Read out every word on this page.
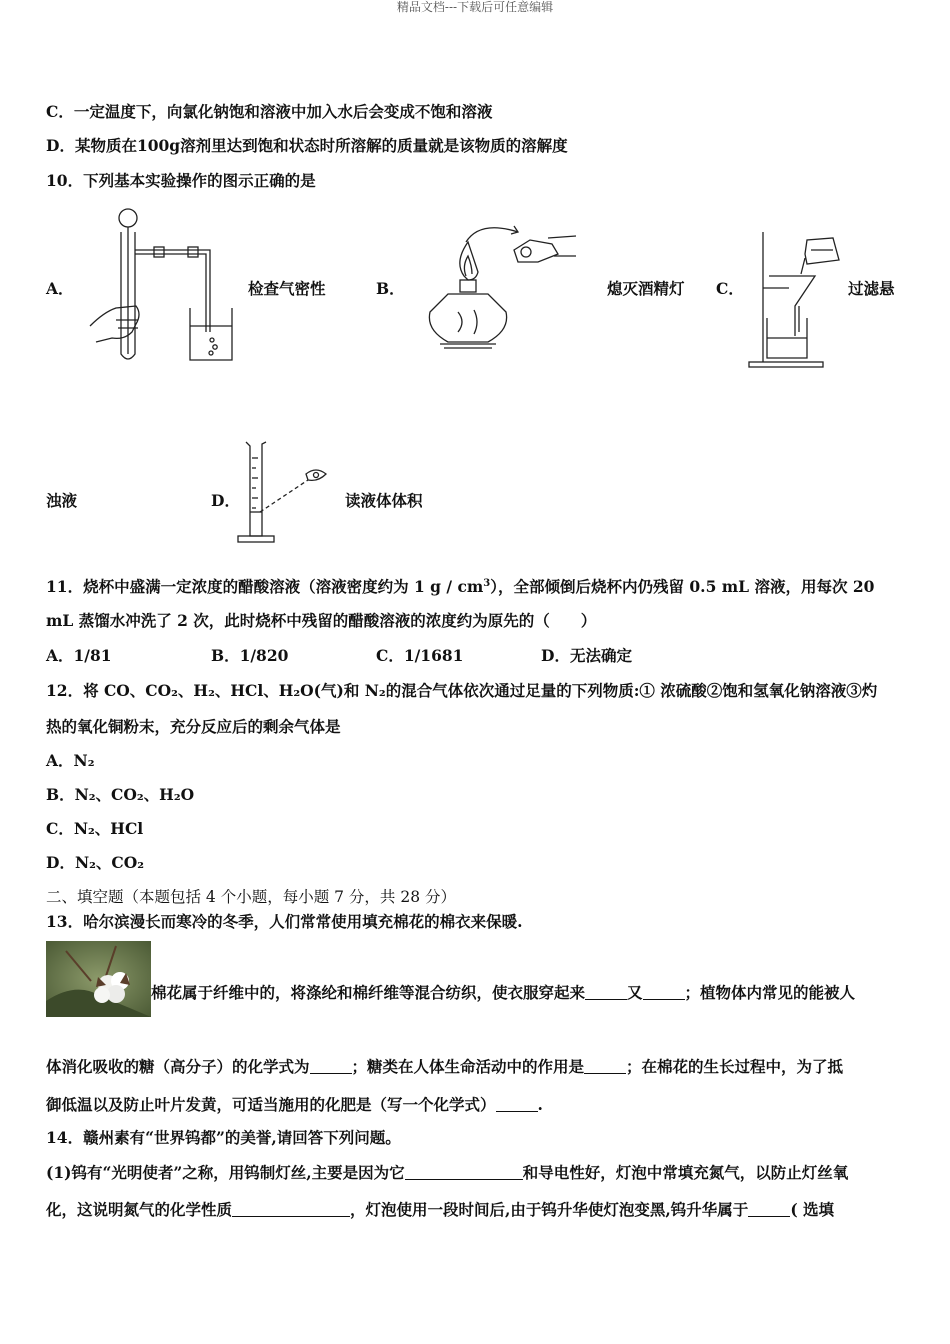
精品文档---下载后可任意编辑
C．一定温度下，向氯化钠饱和溶液中加入水后会变成不饱和溶液
D．某物质在100g溶剂里达到饱和状态时所溶解的质量就是该物质的溶解度
10．下列基本实验操作的图示正确的是
A．	检查气密性	B．	熄灭酒精灯 C．	过滤悬
浊液	D．	读液体体积
11．烧杯中盛满一定浓度的醋酸溶液（溶液密度约为 1 g / $cm^3$），全部倾倒后烧杯内仍残留 0.5 mL 溶液，用每次 20
mL 蒸馏水冲洗了 2 次，此时烧杯中残留的醋酸溶液的浓度约为原先的（　　）
A．1/81	B．1/820	C．1/1681	D．无法确定
12．将 CO、CO₂、H₂、HCl、H₂O(气)和 N₂的混合气体依次通过足量的下列物质:① 浓硫酸②饱和氢氧化钠溶液③灼
热的氧化铜粉末，充分反应后的剩余气体是
A．N₂
B．N₂、CO₂、H₂O
C．N₂、HCl
D．N₂、CO₂
二、填空题（本题包括 4 个小题，每小题 7 分，共 28 分）
13．哈尔滨漫长而寒冷的冬季，人们常常使用填充棉花的棉衣来保暖.
棉花属于纤维中的，将涤纶和棉纤维等混合纺织，使衣服穿起来	又	；植物体内常见的能被人
体消化吸收的糖（高分子）的化学式为	；糖类在人体生命活动中的作用是	；在棉花的生长过程中，为了抵
御低温以及防止叶片发黄，可适当施用的化肥是（写一个化学式）	.
14．赣州素有“世界钨都”的美誉,请回答下列问题。
(1)钨有“光明使者”之称，用钨制灯丝,主要是因为它	和导电性好，灯泡中常填充氮气，以防止灯丝氧
化，这说明氮气的化学性质	，灯泡使用一段时间后,由于钨升华使灯泡变黑,钨升华属于	( 选填
